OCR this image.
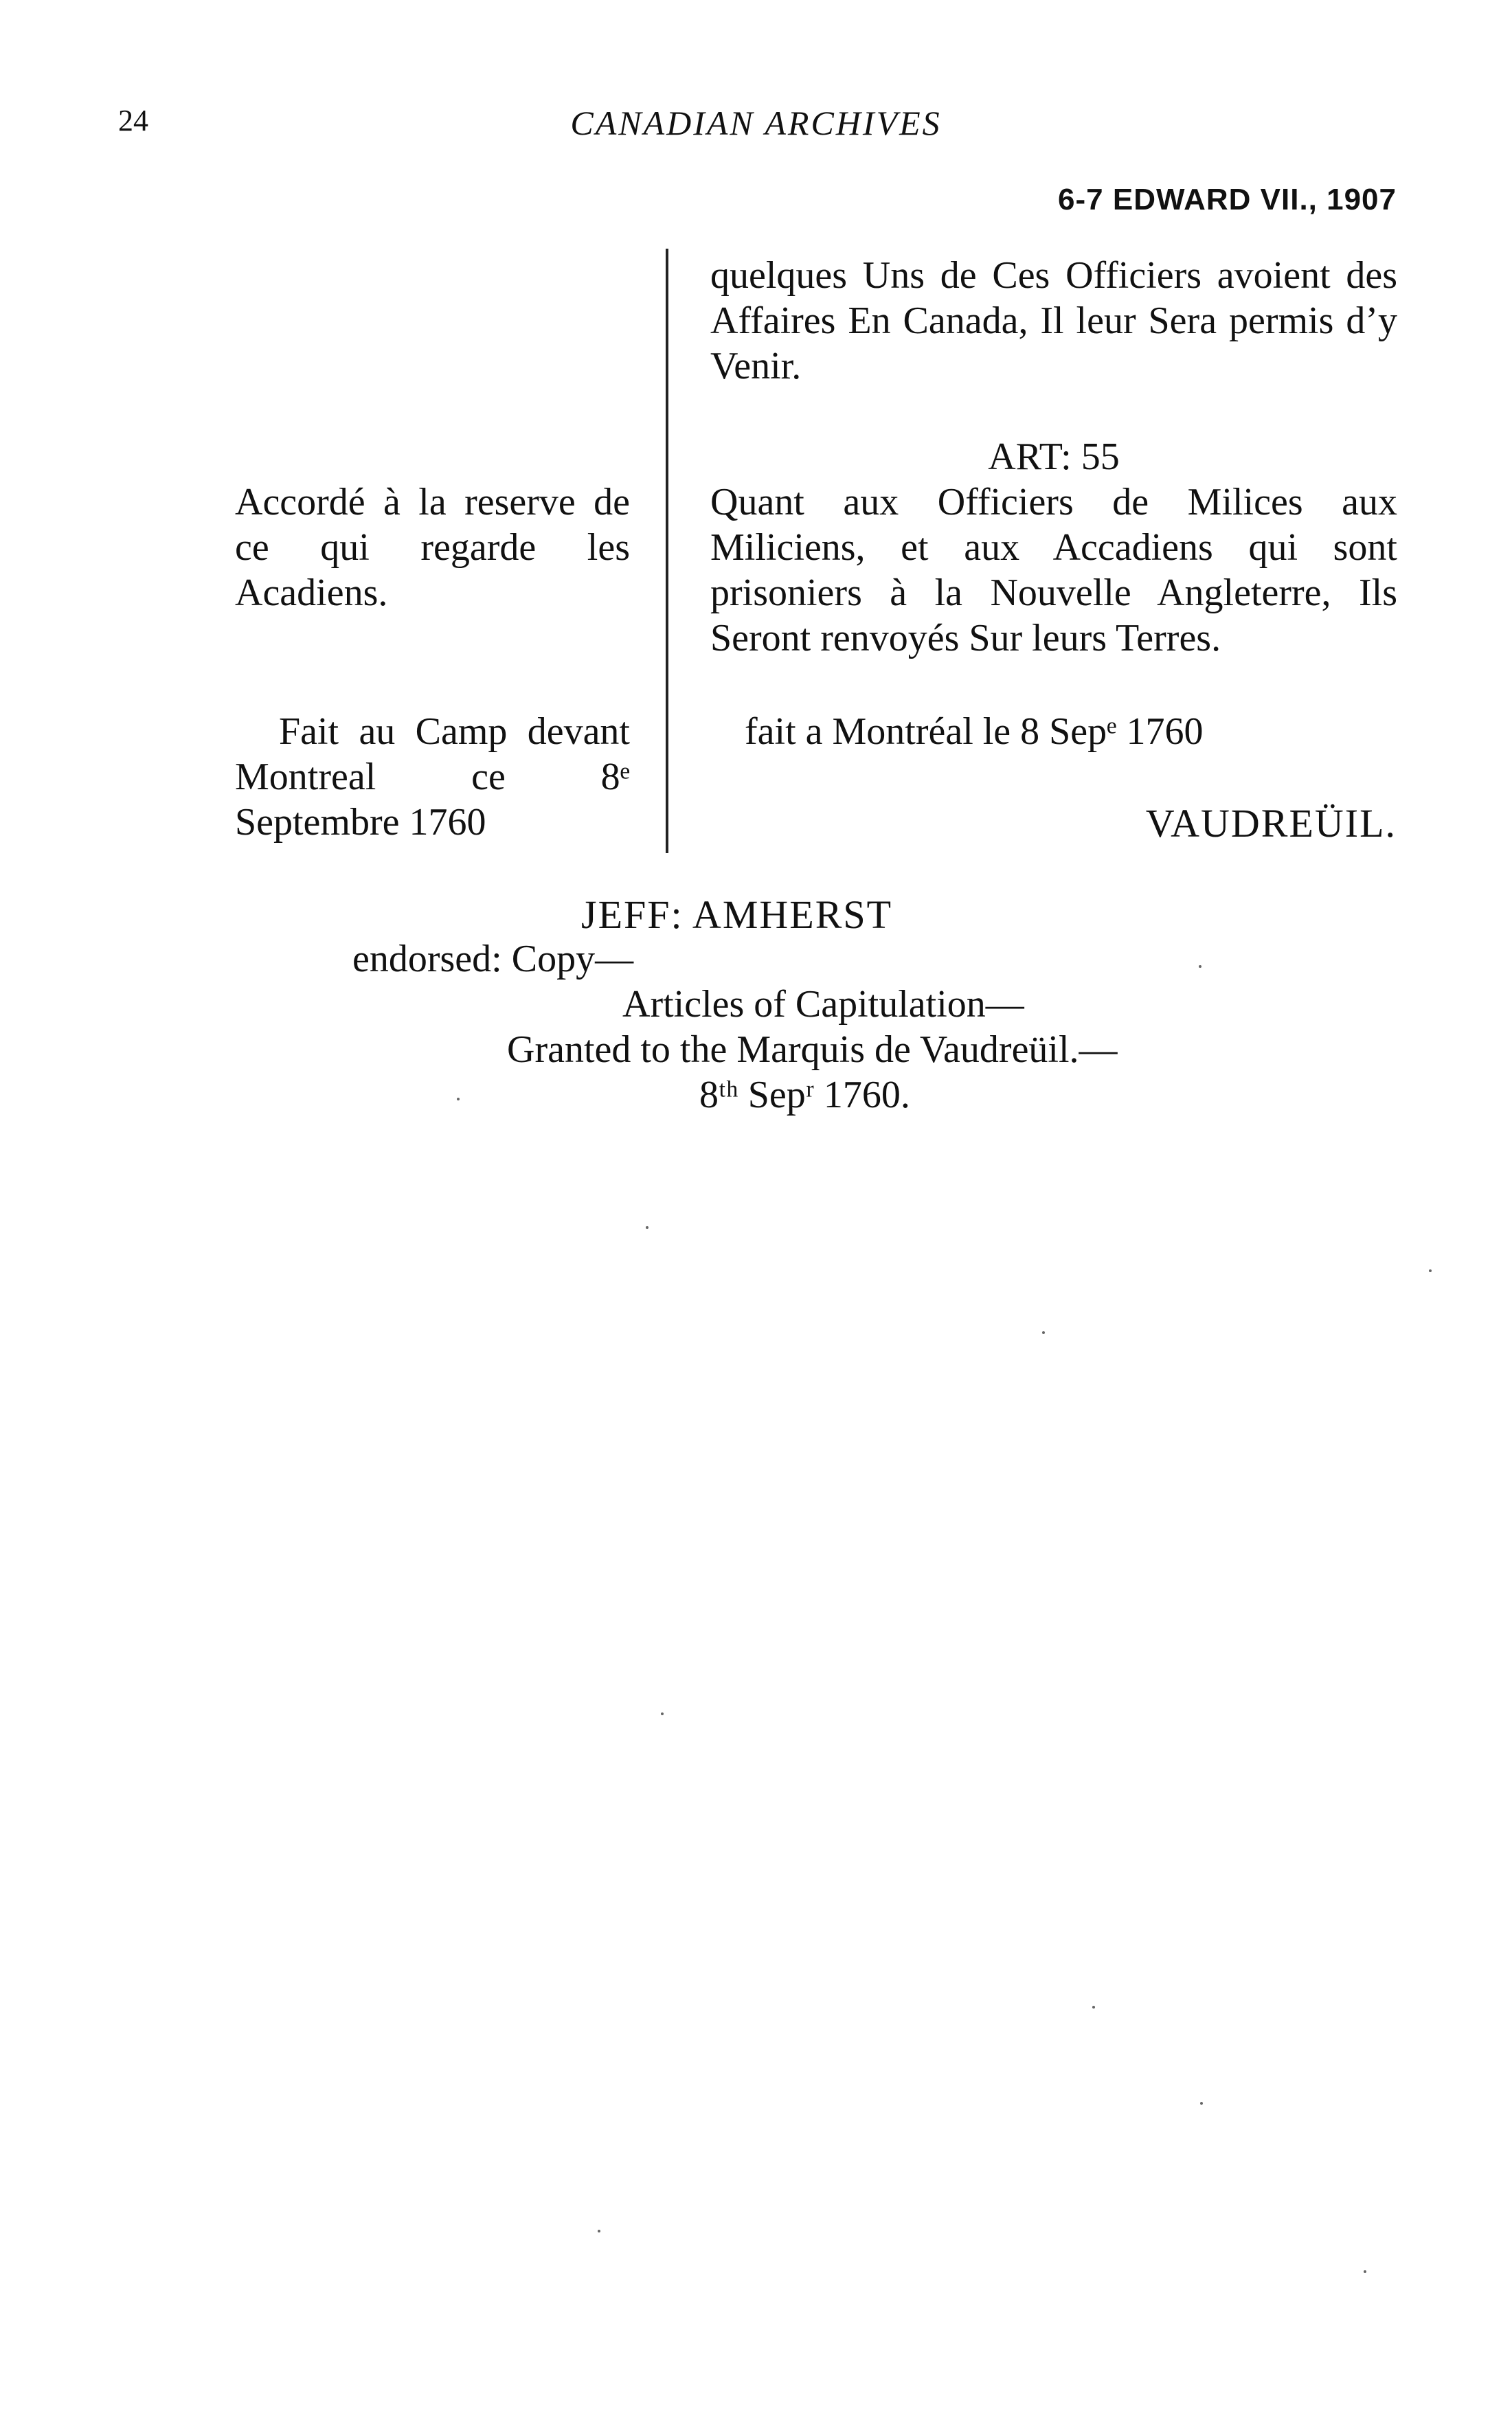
24	CANADIAN ARCHIVES
6-7 EDWARD VII., 1907
quelques Uns de Ces Officiers avoient des Affaires En Canada, Il leur Sera permis d’y Venir.
ART: 55
Quant aux Officiers de Milices aux Miliciens, et aux Accadiens qui sont prisoniers à la Nouvelle Angleterre, Ils Seront renvoyés Sur leurs Terres.
fait a Montréal le 8 Sepᵉ 1760
VAUDREÜIL.
Accordé à la reserve de ce qui regarde les Acadiens.
Fait au Camp devant Montreal ce 8ᵉ Septembre 1760
JEFF: AMHERST
endorsed: Copy—
Articles of Capitulation—
Granted to the Marquis de Vaudreüil.—
8ᵗʰ Sepʳ 1760.
